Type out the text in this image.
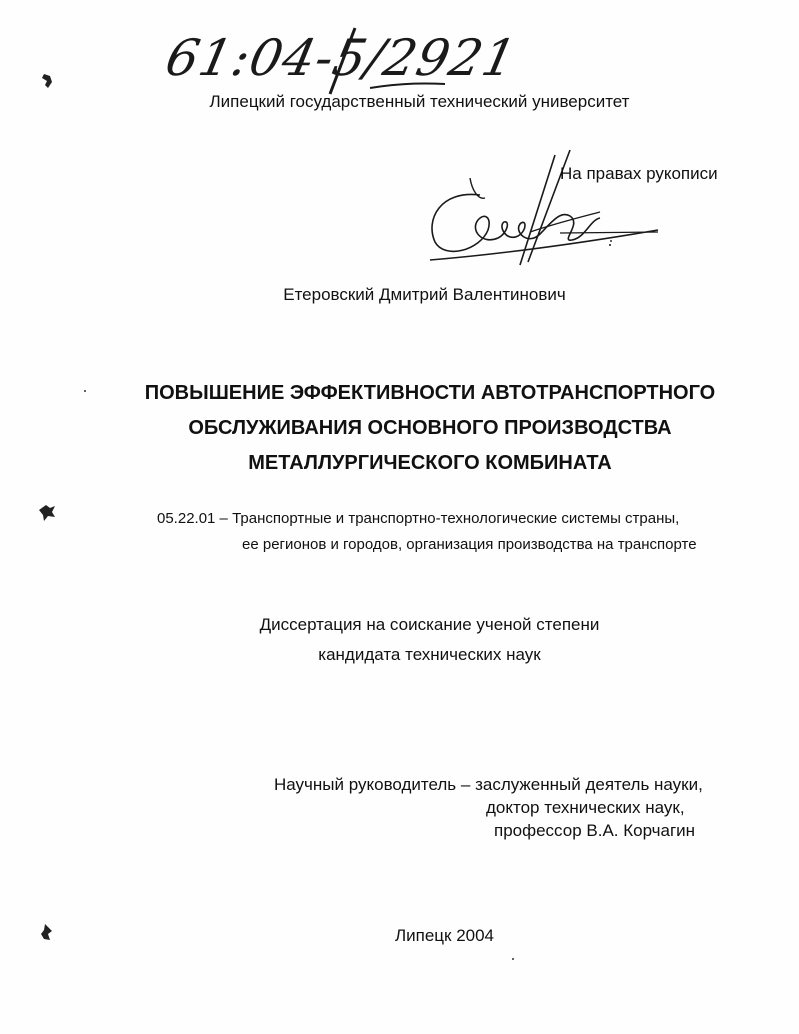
61:04-5/2921
Липецкий государственный технический университет
На правах рукописи
Етеровский Дмитрий Валентинович
ПОВЫШЕНИЕ ЭФФЕКТИВНОСТИ АВТОТРАНСПОРТНОГО
ОБСЛУЖИВАНИЯ ОСНОВНОГО ПРОИЗВОДСТВА
МЕТАЛЛУРГИЧЕСКОГО КОМБИНАТА
05.22.01 – Транспортные и транспортно-технологические системы страны,
ее регионов и городов, организация производства на транспорте
Диссертация на соискание ученой степени
кандидата технических наук
Научный руководитель – заслуженный деятель науки,
доктор технических наук,
профессор В.А. Корчагин
Липецк 2004
